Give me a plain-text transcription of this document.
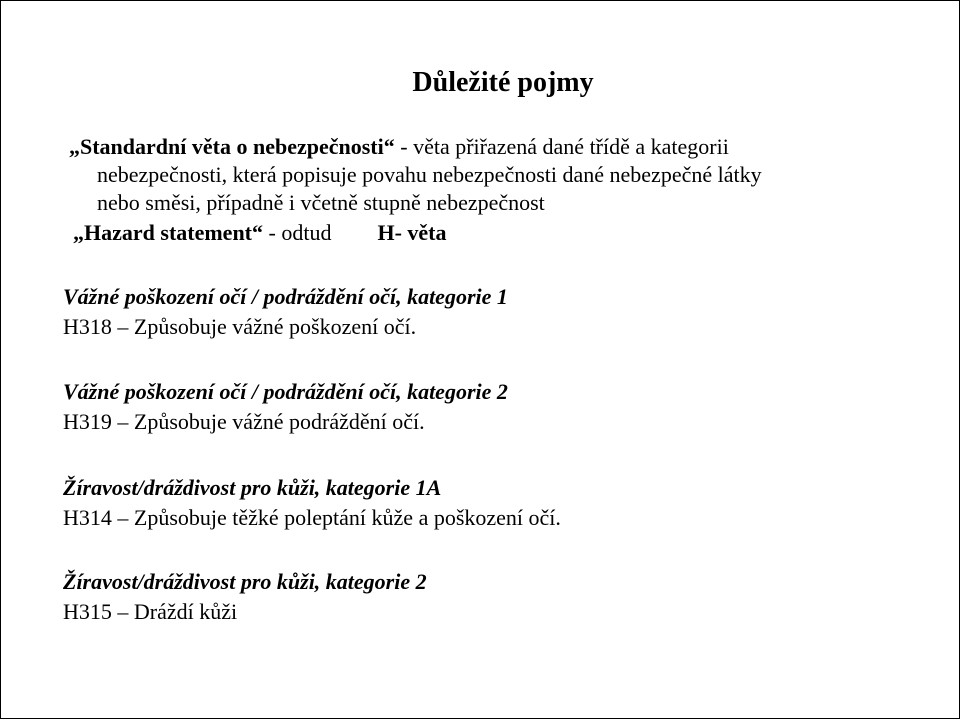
Důležité pojmy
„Standardní věta o nebezpečnosti“ - věta přiřazená dané třídě a kategorii
nebezpečnosti, která popisuje povahu nebezpečnosti dané nebezpečné látky
nebo směsi, případně i včetně stupně nebezpečnost
„Hazard statement“ - odtud H- věta
Vážné poškození očí / podráždění očí, kategorie 1
H318 – Způsobuje vážné poškození očí.
Vážné poškození očí / podráždění očí, kategorie 2
H319 – Způsobuje vážné podráždění očí.
Žíravost/dráždivost pro kůži, kategorie 1A
H314 – Způsobuje těžké poleptání kůže a poškození očí.
Žíravost/dráždivost pro kůži, kategorie 2
H315 – Dráždí kůži
